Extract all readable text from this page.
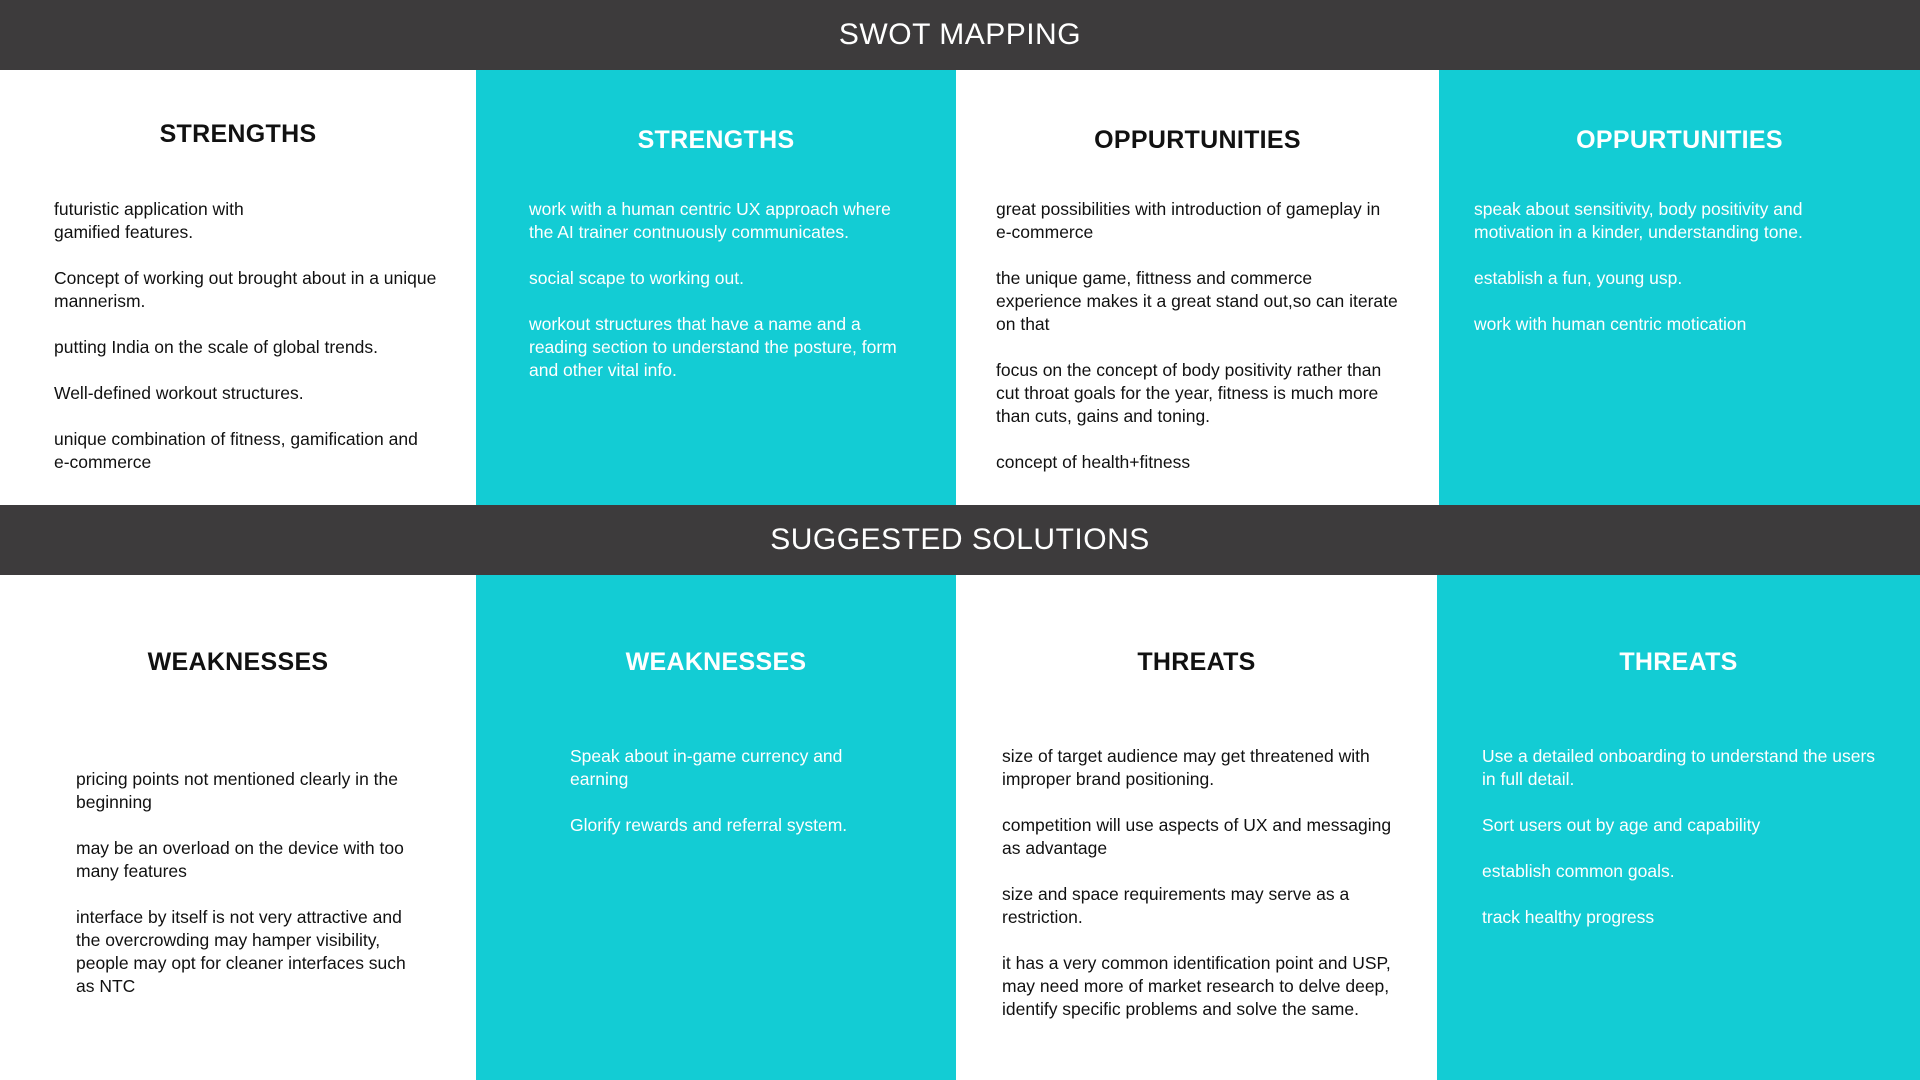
SWOT MAPPING
STRENGTHS
futuristic application with
gamified features.
Concept of working out brought about in a unique
mannerism.
putting India on the scale of global trends.
Well-defined workout structures.
unique combination of fitness, gamification and
e-commerce
STRENGTHS
work with a human centric UX approach where
the AI trainer contnuously communicates.
social scape to working out.
workout structures that have a name and a
reading section to understand the posture, form
and other vital info.
OPPURTUNITIES
great possibilities with introduction of gameplay in
e-commerce
the unique game, fittness and commerce
experience makes it a great stand out,so can iterate
on that
focus on the concept of body positivity rather than
cut throat goals for the year, fitness is much more
than cuts, gains and toning.
concept of health+fitness
OPPURTUNITIES
speak about sensitivity, body positivity and
motivation in a kinder, understanding tone.
establish a fun, young usp.
work with human centric motication
SUGGESTED SOLUTIONS
WEAKNESSES
pricing points not mentioned clearly in the
beginning
may be an overload on the device with too
many features
interface by itself is not very attractive and
the overcrowding may hamper visibility,
people may opt for cleaner interfaces such
as NTC
WEAKNESSES
Speak about in-game currency and
earning
Glorify rewards and referral system.
THREATS
size of target audience may get threatened with
improper brand positioning.
competition will use aspects of UX and messaging
as advantage
size and space requirements may serve as a
restriction.
it has a very common identification point and USP,
may need more of market research to delve deep,
identify specific problems and solve the same.
THREATS
Use a detailed onboarding to understand the users
in full detail.
Sort users out by age and capability
establish common goals.
track healthy progress
